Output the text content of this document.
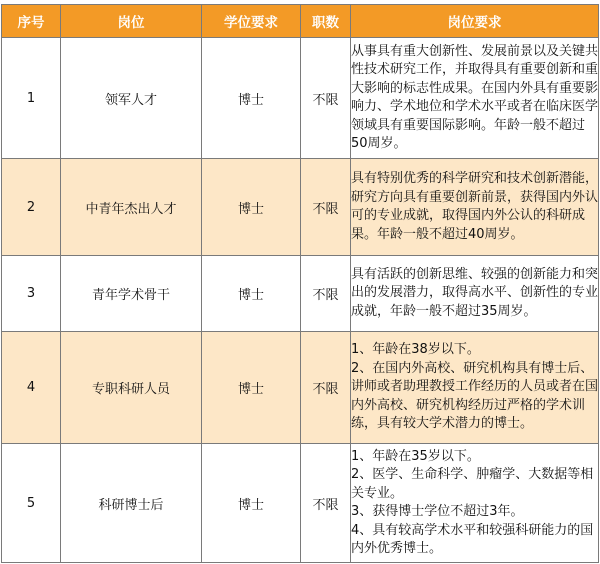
序号	岗位	学位要求	职数	岗位要求
1	领军人才	博士	不限	从事具有重大创新性、发展前景以及关键共性技术研究工作，并取得具有重要创新和重大影响的标志性成果。在国内外具有重要影响力、学术地位和学术水平或者在临床医学领域具有重要国际影响。年龄一般不超过50周岁。

2	中青年杰出人才	博士	不限	具有特别优秀的科学研究和技术创新潜能，研究方向具有重要创新前景，获得国内外认可的专业成就，取得国内外公认的科研成果。年龄一般不超过40周岁。

3	青年学术骨干	博士	不限	具有活跃的创新思维、较强的创新能力和突出的发展潜力，取得高水平、创新性的专业成就，年龄一般不超过35周岁。

4	专职科研人员	博士	不限	1、年龄在38岁以下。
2、在国内外高校、研究机构具有博士后、讲师或者助理教授工作经历的人员或者在国内外高校、研究机构经历过严格的学术训练，具有较大学术潜力的博士。

5	科研博士后	博士	不限	1、年龄在35岁以下。
2、医学、生命科学、肿瘤学、大数据等相关专业。
3、获得博士学位不超过3年。
4、具有较高学术水平和较强科研能力的国内外优秀博士。
